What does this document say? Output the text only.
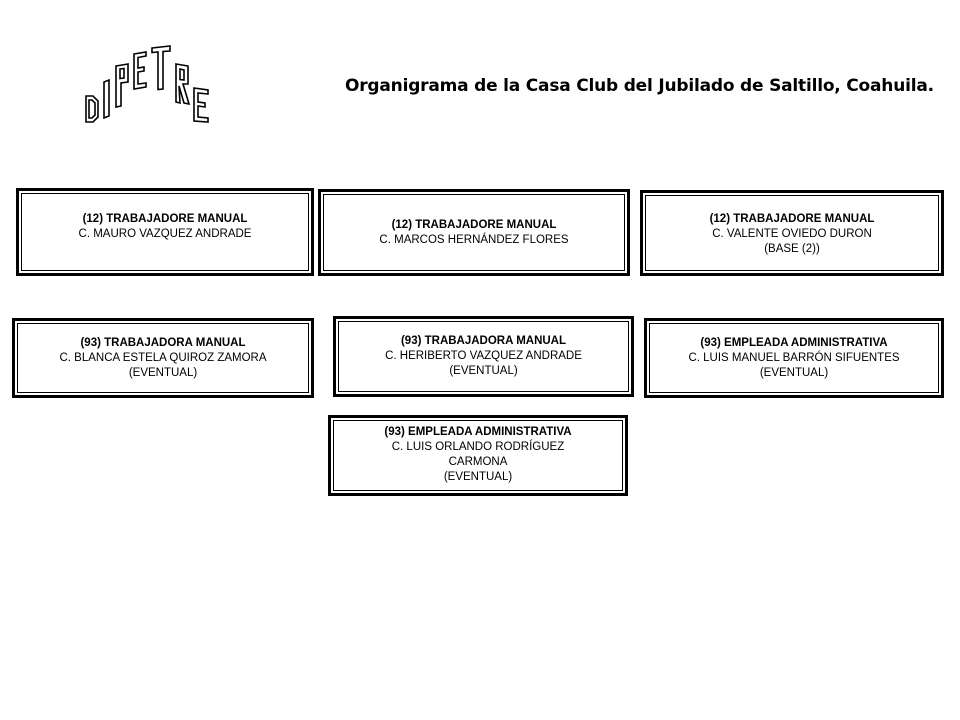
Organigrama de la Casa Club del Jubilado de Saltillo, Coahuila.
(12) TRABAJADORE MANUAL
C. MAURO VAZQUEZ ANDRADE
(12) TRABAJADORE MANUAL
C. MARCOS HERNÁNDEZ FLORES
(12) TRABAJADORE MANUAL
C. VALENTE OVIEDO DURON
(BASE (2))
(93) TRABAJADORA MANUAL
C. BLANCA ESTELA QUIROZ ZAMORA
(EVENTUAL)
(93) TRABAJADORA MANUAL
C. HERIBERTO VAZQUEZ ANDRADE
(EVENTUAL)
(93) EMPLEADA ADMINISTRATIVA
C. LUIS MANUEL BARRÓN SIFUENTES
(EVENTUAL)
(93) EMPLEADA ADMINISTRATIVA
C. LUIS ORLANDO RODRÍGUEZ
CARMONA
(EVENTUAL)
